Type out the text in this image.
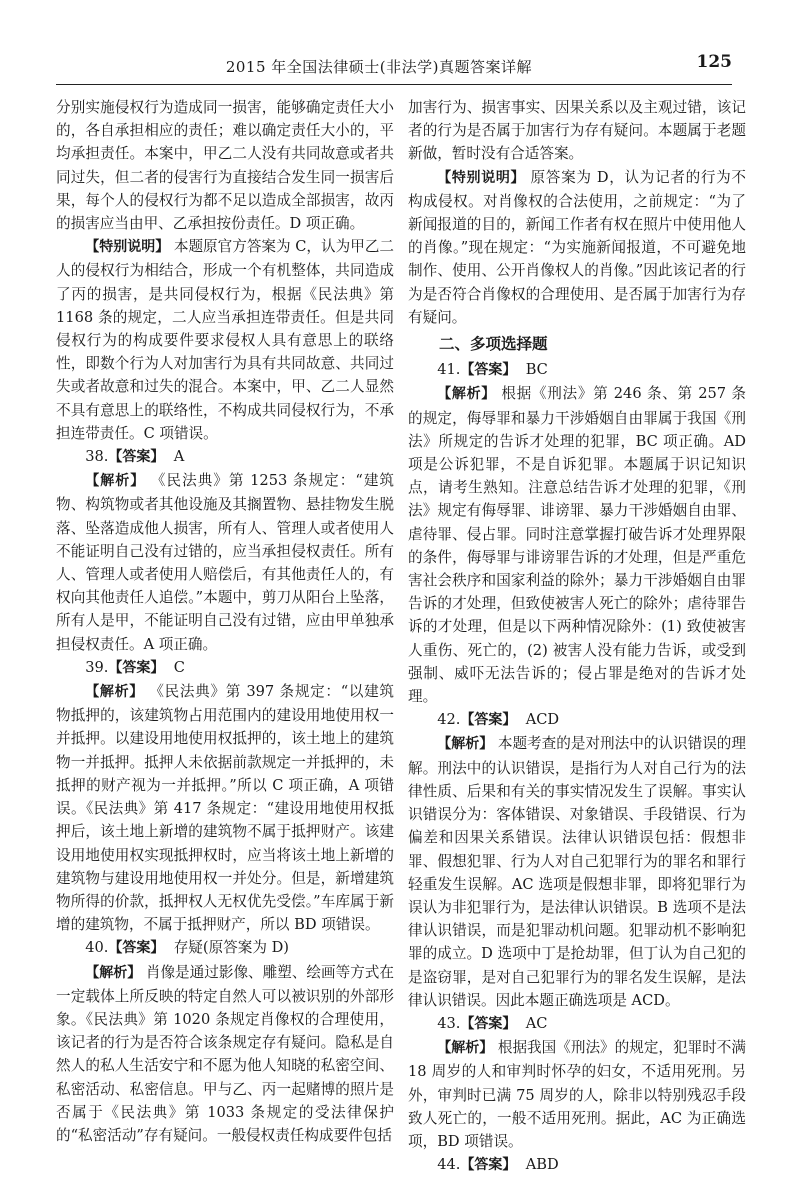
2015 年全国法律硕士(非法学)真题答案详解	125

分别实施侵权行为造成同一损害，能够确定责任大小的，各自承担相应的责任；难以确定责任大小的，平均承担责任。本案中，甲乙二人没有共同故意或者共同过失，但二者的侵害行为直接结合发生同一损害后果，每个人的侵权行为都不足以造成全部损害，故丙的损害应当由甲、乙承担按份责任。D 项正确。

【特别说明】 本题原官方答案为 C，认为甲乙二人的侵权行为相结合，形成一个有机整体，共同造成了丙的损害，是共同侵权行为，根据《民法典》第 1168 条的规定，二人应当承担连带责任。但是共同侵权行为的构成要件要求侵权人具有意思上的联络性，即数个行为人对加害行为具有共同故意、共同过失或者故意和过失的混合。本案中，甲、乙二人显然不具有意思上的联络性，不构成共同侵权行为，不承担连带责任。C 项错误。

38.【答案】 A

【解析】 《民法典》第 1253 条规定：“建筑物、构筑物或者其他设施及其搁置物、悬挂物发生脱落、坠落造成他人损害，所有人、管理人或者使用人不能证明自己没有过错的，应当承担侵权责任。所有人、管理人或者使用人赔偿后，有其他责任人的，有权向其他责任人追偿。”本题中，剪刀从阳台上坠落，所有人是甲，不能证明自己没有过错，应由甲单独承担侵权责任。A 项正确。

39.【答案】 C

【解析】 《民法典》第 397 条规定：“以建筑物抵押的，该建筑物占用范围内的建设用地使用权一并抵押。以建设用地使用权抵押的，该土地上的建筑物一并抵押。抵押人未依据前款规定一并抵押的，未抵押的财产视为一并抵押。”所以 C 项正确，A 项错误。《民法典》第 417 条规定：“建设用地使用权抵押后，该土地上新增的建筑物不属于抵押财产。该建设用地使用权实现抵押权时，应当将该土地上新增的建筑物与建设用地使用权一并处分。但是，新增建筑物所得的价款，抵押权人无权优先受偿。”车库属于新增的建筑物，不属于抵押财产，所以 BD 项错误。

40.【答案】 存疑(原答案为 D)

【解析】 肖像是通过影像、雕塑、绘画等方式在一定载体上所反映的特定自然人可以被识别的外部形象。《民法典》第 1020 条规定肖像权的合理使用，该记者的行为是否符合该条规定存有疑问。隐私是自然人的私人生活安宁和不愿为他人知晓的私密空间、私密活动、私密信息。甲与乙、丙一起赌博的照片是否属于《民法典》第 1033 条规定的受法律保护的“私密活动”存有疑问。一般侵权责任构成要件包括

加害行为、损害事实、因果关系以及主观过错，该记者的行为是否属于加害行为存有疑问。本题属于老题新做，暂时没有合适答案。

【特别说明】 原答案为 D，认为记者的行为不构成侵权。对肖像权的合法使用，之前规定：“为了新闻报道的目的，新闻工作者有权在照片中使用他人的肖像。”现在规定：“为实施新闻报道，不可避免地制作、使用、公开肖像权人的肖像。”因此该记者的行为是否符合肖像权的合理使用、是否属于加害行为存有疑问。

二、多项选择题

41.【答案】 BC

【解析】 根据《刑法》第 246 条、第 257 条的规定，侮辱罪和暴力干涉婚姻自由罪属于我国《刑法》所规定的告诉才处理的犯罪，BC 项正确。AD 项是公诉犯罪，不是自诉犯罪。本题属于识记知识点，请考生熟知。注意总结告诉才处理的犯罪，《刑法》规定有侮辱罪、诽谤罪、暴力干涉婚姻自由罪、虐待罪、侵占罪。同时注意掌握打破告诉才处理界限的条件，侮辱罪与诽谤罪告诉的才处理，但是严重危害社会秩序和国家利益的除外；暴力干涉婚姻自由罪告诉的才处理，但致使被害人死亡的除外；虐待罪告诉的才处理，但是以下两种情况除外：(1) 致使被害人重伤、死亡的，(2) 被害人没有能力告诉，或受到强制、威吓无法告诉的；侵占罪是绝对的告诉才处理。

42.【答案】 ACD

【解析】 本题考查的是对刑法中的认识错误的理解。刑法中的认识错误，是指行为人对自己行为的法律性质、后果和有关的事实情况发生了误解。事实认识错误分为：客体错误、对象错误、手段错误、行为偏差和因果关系错误。法律认识错误包括：假想非罪、假想犯罪、行为人对自己犯罪行为的罪名和罪行轻重发生误解。AC 选项是假想非罪，即将犯罪行为误认为非犯罪行为，是法律认识错误。B 选项不是法律认识错误，而是犯罪动机问题。犯罪动机不影响犯罪的成立。D 选项中丁是抢劫罪，但丁认为自己犯的是盗窃罪，是对自己犯罪行为的罪名发生误解，是法律认识错误。因此本题正确选项是 ACD。

43.【答案】 AC

【解析】 根据我国《刑法》的规定，犯罪时不满 18 周岁的人和审判时怀孕的妇女，不适用死刑。另外，审判时已满 75 周岁的人，除非以特别残忍手段致人死亡的，一般不适用死刑。据此，AC 为正确选项，BD 项错误。

44.【答案】 ABD
